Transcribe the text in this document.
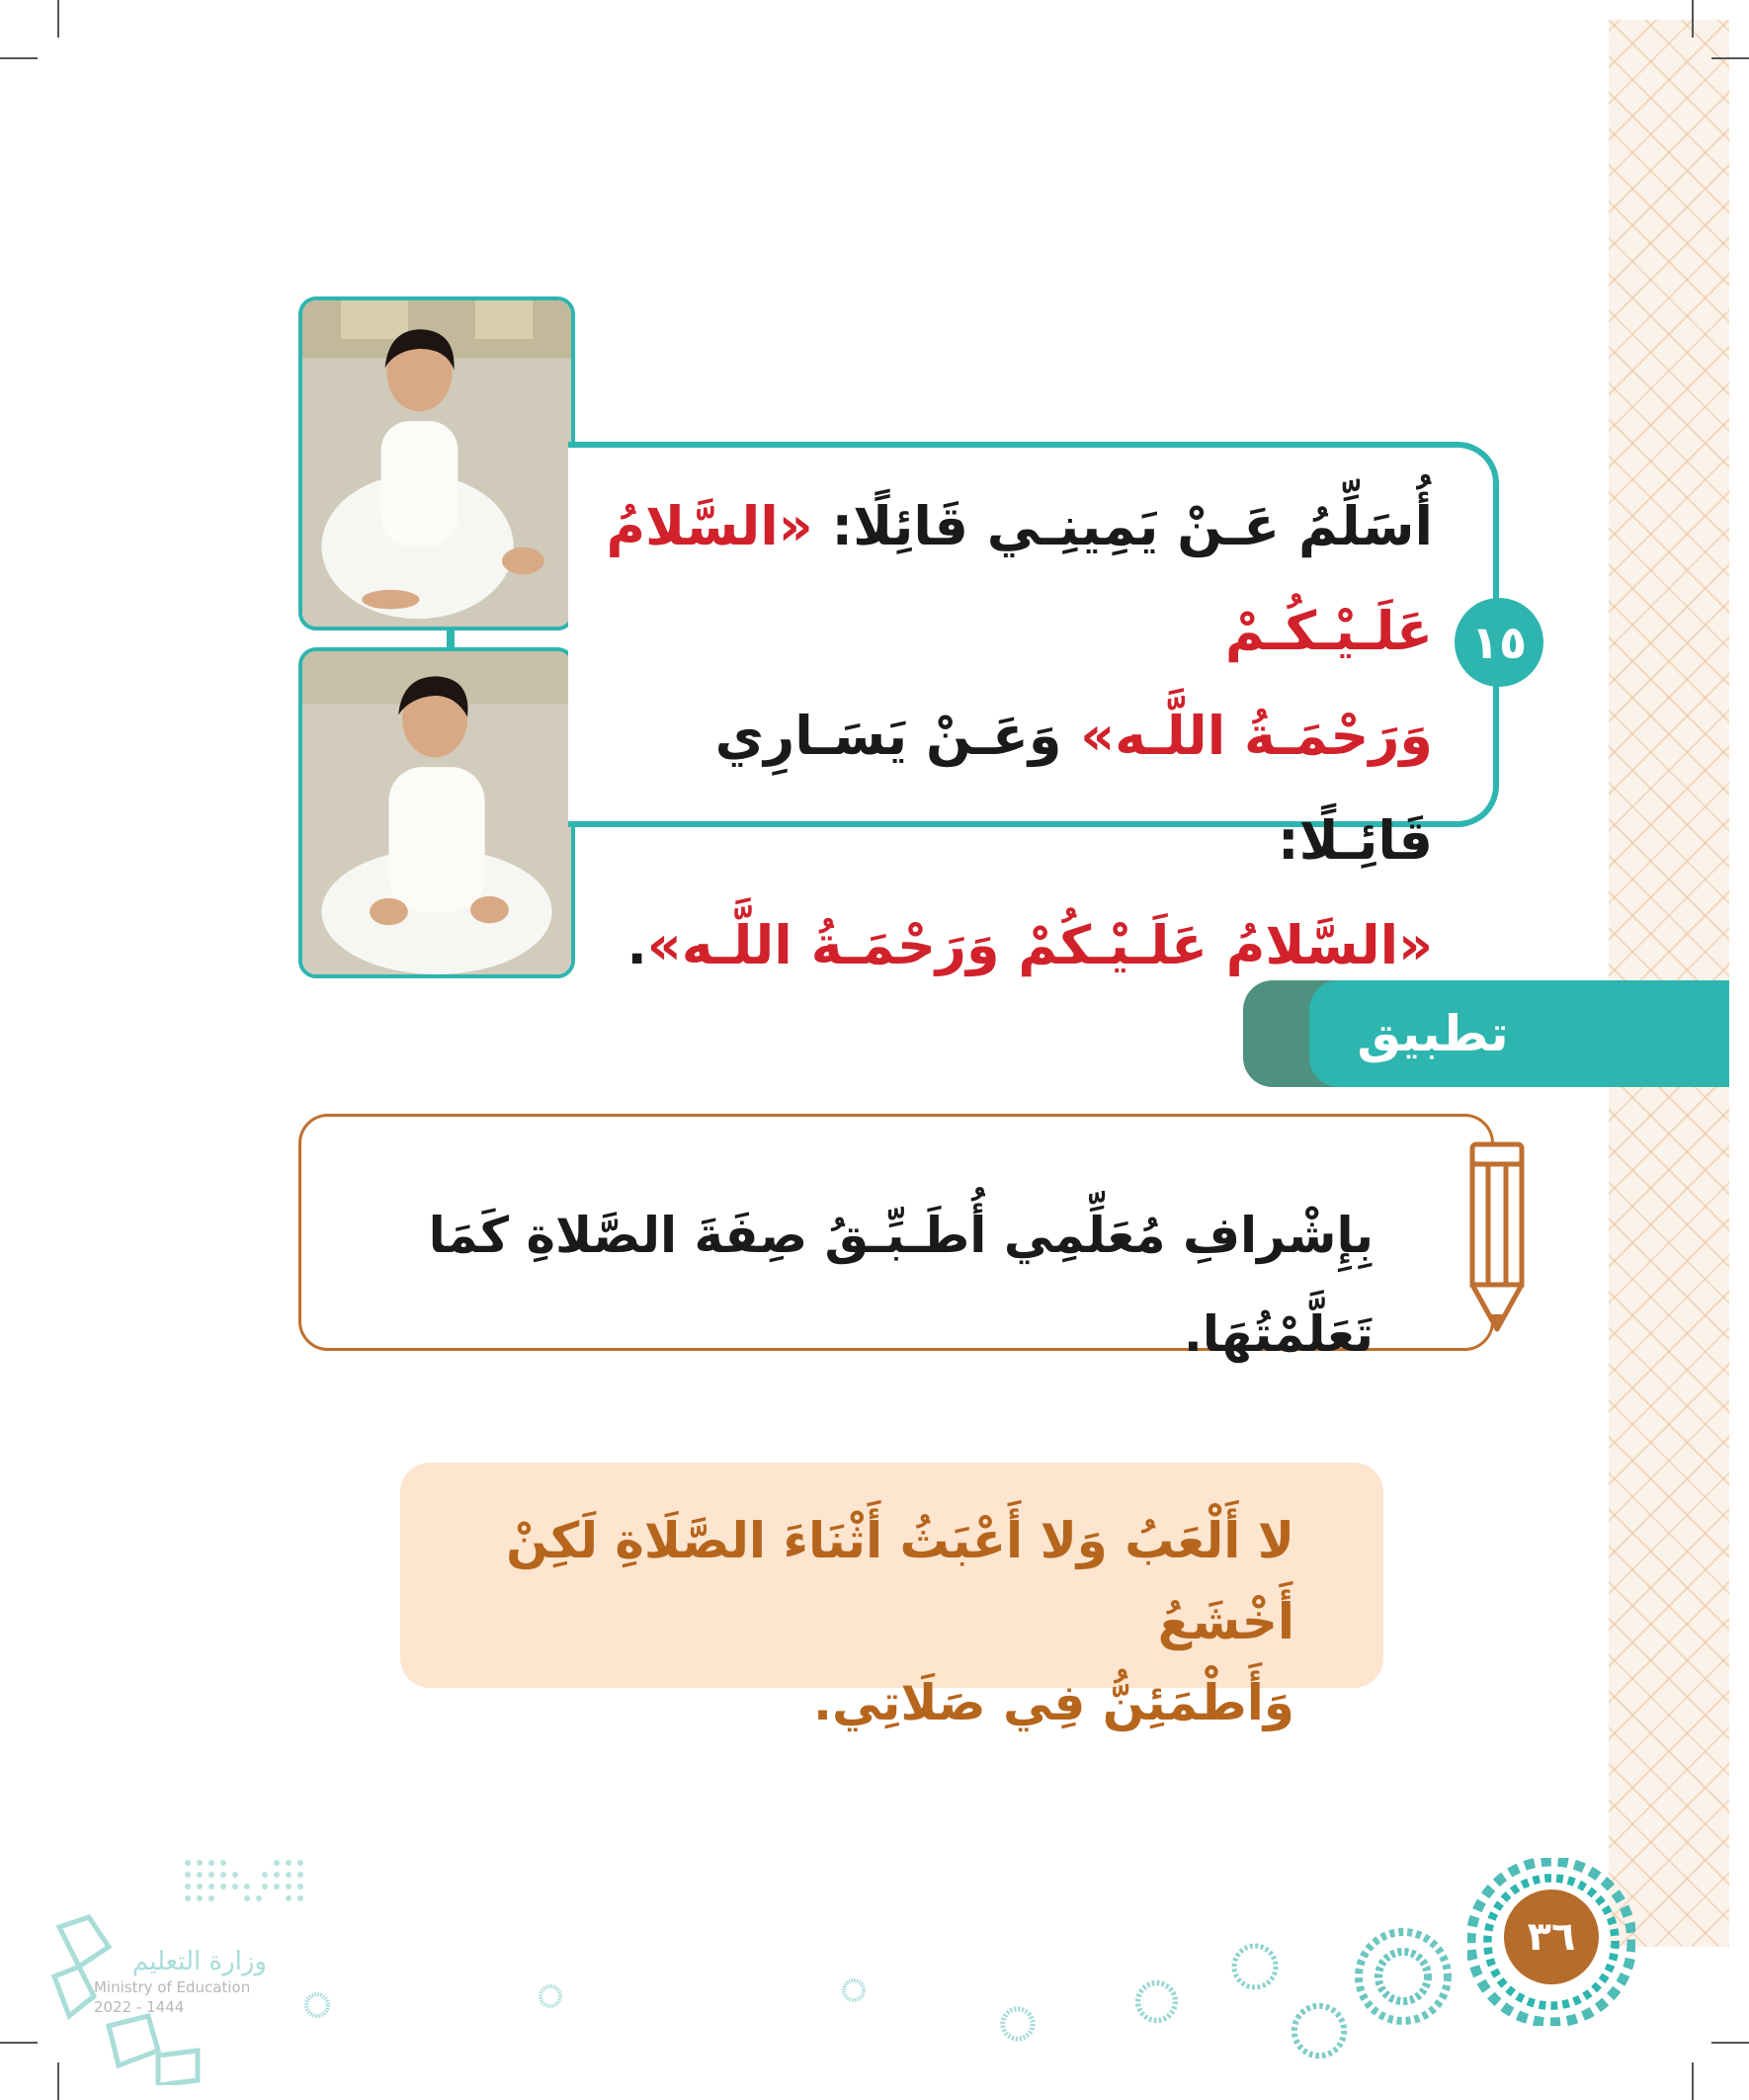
١٥
أُسَلِّمُ عَـنْ يَمِينِـي قَائِلًا: «السَّلامُ عَلَـيْـكُـمْ
وَرَحْمَـةُ اللَّـه» وَعَـنْ يَسَـارِي قَائِـلًا:
«السَّلامُ عَلَـيْـكُمْ وَرَحْمَـةُ اللَّـه».
تطبيق
بِإِشْرافِ مُعَلِّمِي أُطَـبِّـقُ صِفَةَ الصَّلاةِ كَمَا تَعَلَّمْتُهَا.
لا أَلْعَبُ وَلا أَعْبَثُ أَثْنَاءَ الصَّلَاةِ لَكِنْ أَخْشَعُ
وَأَطْمَئِنُّ فِي صَلَاتِي.
٣٦
وزارة التعليم
Ministry of Education
2022 - 1444
